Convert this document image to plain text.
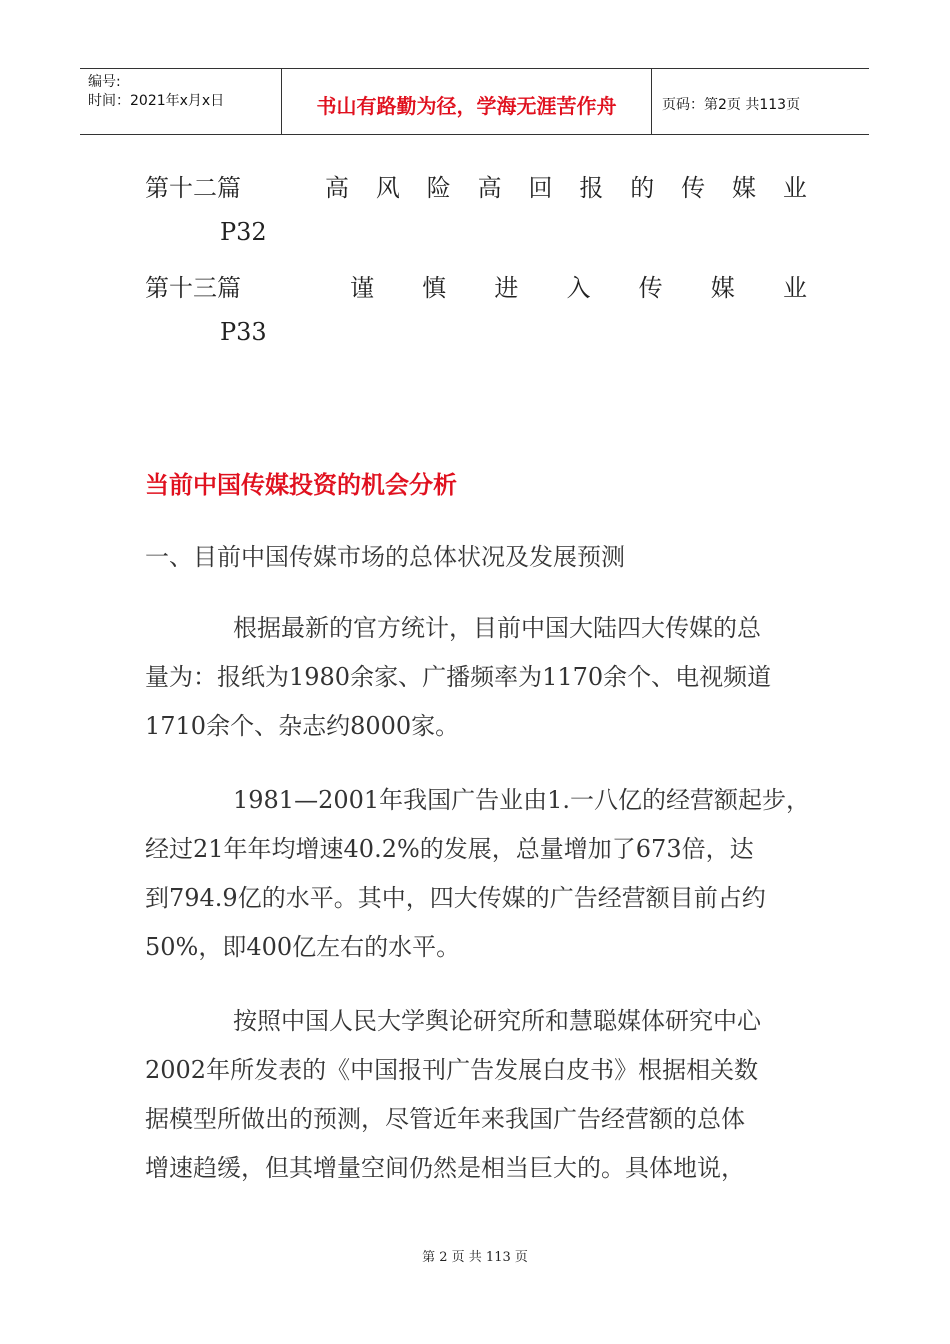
编号:
时间：2021年x月x日	书山有路勤为径，学海无涯苦作舟	页码：第2页 共113页
第十二篇	高 风 险 高 回 报 的 传 媒 业
P32
第十三篇	谨 慎 进 入 传 媒 业
P33
当前中国传媒投资的机会分析
一、目前中国传媒市场的总体状况及发展预测
根据最新的官方统计，目前中国大陆四大传媒的总
量为：报纸为1980余家、广播频率为1170余个、电视频道
1710余个、杂志约8000家。
1981—2001年我国广告业由1.一八亿的经营额起步，
经过21年年均增速40.2%的发展，总量增加了673倍，达
到794.9亿的水平。其中，四大传媒的广告经营额目前占约
50%，即400亿左右的水平。
按照中国人民大学舆论研究所和慧聪媒体研究中心
2002年所发表的《中国报刊广告发展白皮书》根据相关数
据模型所做出的预测，尽管近年来我国广告经营额的总体
增速趋缓，但其增量空间仍然是相当巨大的。具体地说，
第 2 页 共 113 页
